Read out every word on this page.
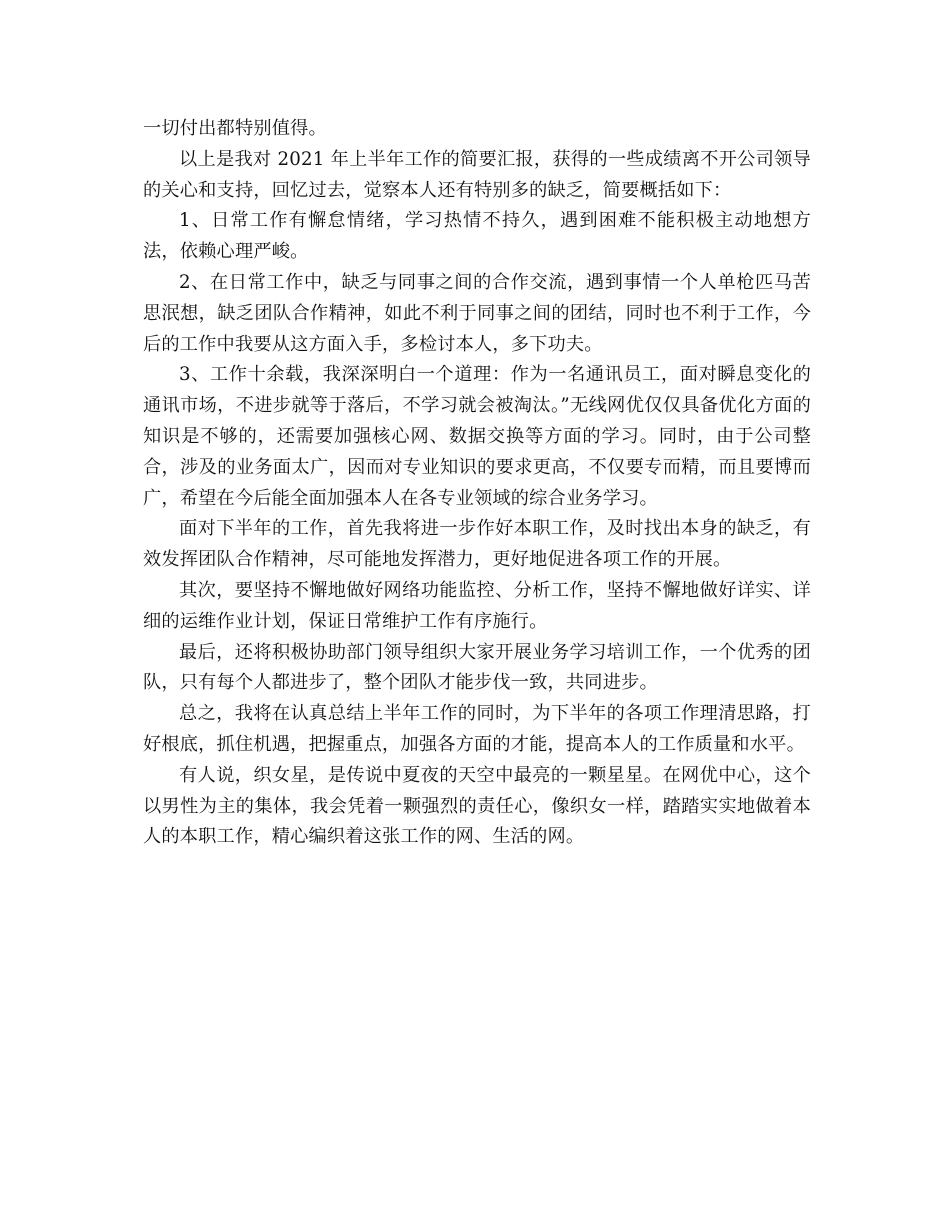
一切付出都特别值得。

以上是我对 2021 年上半年工作的简要汇报，获得的一些成绩离不开公司领导的关心和支持，回忆过去，觉察本人还有特别多的缺乏，简要概括如下：

1、日常工作有懈怠情绪，学习热情不持久，遇到困难不能积极主动地想方法，依赖心理严峻。

2、在日常工作中，缺乏与同事之间的合作交流，遇到事情一个人单枪匹马苦思泯想，缺乏团队合作精神，如此不利于同事之间的团结，同时也不利于工作，今后的工作中我要从这方面入手，多检讨本人，多下功夫。

3、工作十余载，我深深明白一个道理：作为一名通讯员工，面对瞬息变化的通讯市场，不进步就等于落后，不学习就会被淘汰。”无线网优仅仅具备优化方面的知识是不够的，还需要加强核心网、数据交换等方面的学习。同时，由于公司整合，涉及的业务面太广，因而对专业知识的要求更高，不仅要专而精，而且要博而广，希望在今后能全面加强本人在各专业领域的综合业务学习。

面对下半年的工作，首先我将进一步作好本职工作，及时找出本身的缺乏，有效发挥团队合作精神，尽可能地发挥潜力，更好地促进各项工作的开展。

其次，要坚持不懈地做好网络功能监控、分析工作，坚持不懈地做好详实、详细的运维作业计划，保证日常维护工作有序施行。

最后，还将积极协助部门领导组织大家开展业务学习培训工作，一个优秀的团队，只有每个人都进步了，整个团队才能步伐一致，共同进步。

总之，我将在认真总结上半年工作的同时，为下半年的各项工作理清思路，打好根底，抓住机遇，把握重点，加强各方面的才能，提高本人的工作质量和水平。

有人说，织女星，是传说中夏夜的天空中最亮的一颗星星。在网优中心，这个以男性为主的集体，我会凭着一颗强烈的责任心，像织女一样，踏踏实实地做着本人的本职工作，精心编织着这张工作的网、生活的网。
